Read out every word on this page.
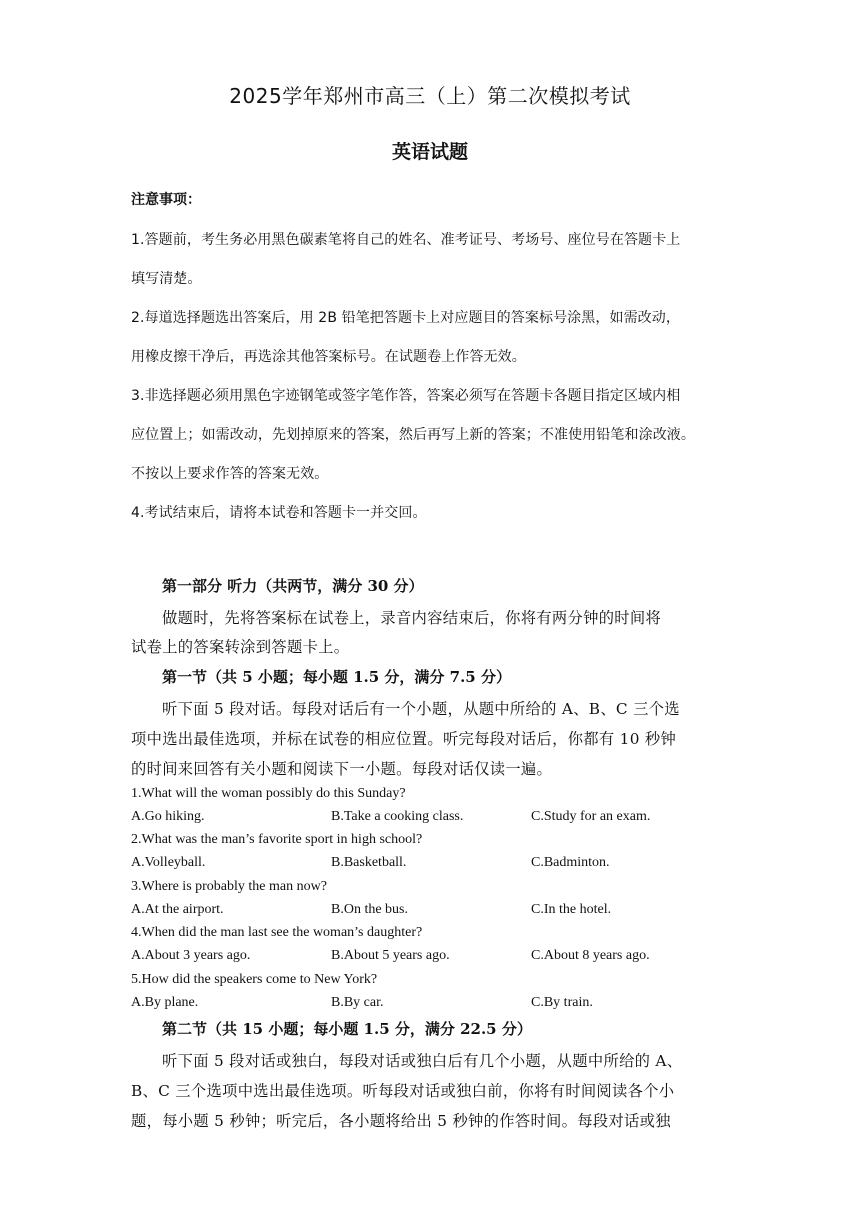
2025学年郑州市高三（上）第二次模拟考试
英语试题
注意事项：
1.答题前，考生务必用黑色碳素笔将自己的姓名、准考证号、考场号、座位号在答题卡上
填写清楚。
2.每道选择题选出答案后，用 2B 铅笔把答题卡上对应题目的答案标号涂黑，如需改动，
用橡皮擦干净后，再选涂其他答案标号。在试题卷上作答无效。
3.非选择题必须用黑色字迹钢笔或签字笔作答，答案必须写在答题卡各题目指定区域内相
应位置上；如需改动，先划掉原来的答案，然后再写上新的答案；不准使用铅笔和涂改液。
不按以上要求作答的答案无效。
4.考试结束后，请将本试卷和答题卡一并交回。
第一部分 听力（共两节，满分 30 分）
做题时，先将答案标在试卷上，录音内容结束后，你将有两分钟的时间将
试卷上的答案转涂到答题卡上。
第一节（共 5 小题；每小题 1.5 分，满分 7.5 分）
听下面 5 段对话。每段对话后有一个小题，从题中所给的 A、B、C 三个选
项中选出最佳选项，并标在试卷的相应位置。听完每段对话后，你都有 10 秒钟
的时间来回答有关小题和阅读下一小题。每段对话仅读一遍。
1.What will the woman possibly do this Sunday?
A.Go hiking.	B.Take a cooking class.	C.Study for an exam.
2.What was the man’s favorite sport in high school?
A.Volleyball.	B.Basketball.	C.Badminton.
3.Where is probably the man now?
A.At the airport.	B.On the bus.	C.In the hotel.
4.When did the man last see the woman’s daughter?
A.About 3 years ago.	B.About 5 years ago.	C.About 8 years ago.
5.How did the speakers come to New York?
A.By plane.	B.By car.	C.By train.
第二节（共 15 小题；每小题 1.5 分，满分 22.5 分）
听下面 5 段对话或独白，每段对话或独白后有几个小题，从题中所给的 A、
B、C 三个选项中选出最佳选项。听每段对话或独白前，你将有时间阅读各个小
题，每小题 5 秒钟；听完后，各小题将给出 5 秒钟的作答时间。每段对话或独
